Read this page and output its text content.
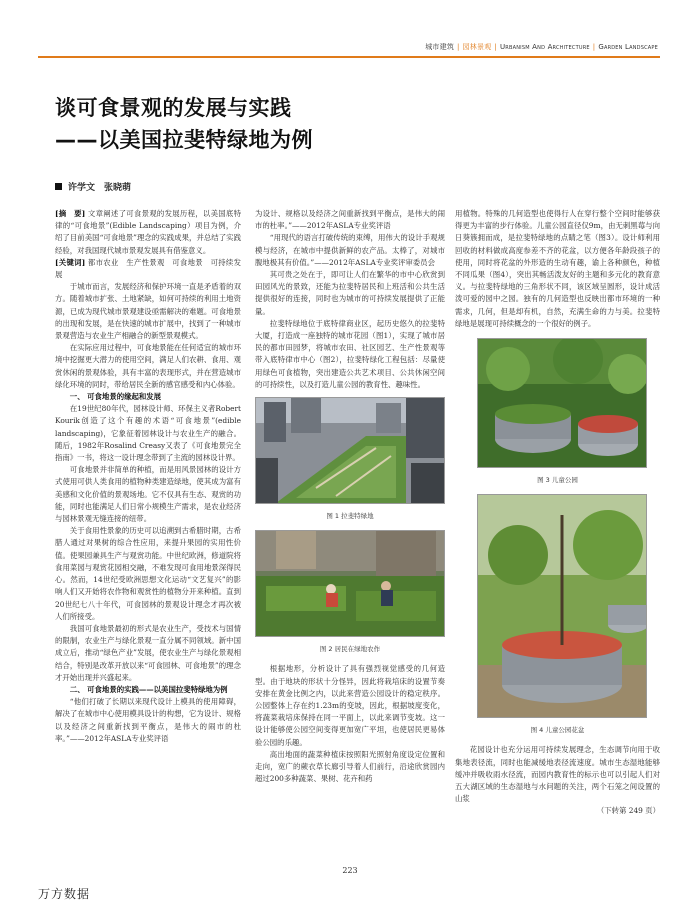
城市建筑 | 园林景观 | Urbanism And Architecture | Garden Landscape
谈可食景观的发展与实践
——以美国拉斐特绿地为例
许学文　张晓萌

[摘　要] 文章阐述了可食景观的发展历程，以美国底特律的“可食地景”(Edible Landscaping）项目为例，介绍了目前美国“可食地景”理念的实践成果，并总结了实践经验，对我国现代城市景观发展具有借鉴意义。

[关键词] 都市农业　生产性景观　可食地景　可持续发展

于城市而言，发展经济和保护环境一直是矛盾着的双方。随着城市扩张、土地紧缺，如何可持续的利用土地资源，已成为现代城市景观建设亟需解决的难题。可食地景的出现和发展，是在快速的城市扩展中，找到了一种城市景观营造与农业生产相融合的新型景观模式。

在实际应用过程中，可食地景能在任何适宜的城市环境中挖掘更大潜力的使用空间，满足人们农耕、食用、观赏休闲的景观体验，具有丰富的表现形式，并在营造城市绿化环境的同时，带给居民全新的感官感受和内心体验。

一、 可食地景的缘起和发展

在19世纪80年代，园林设计师、环保主义者Robert Kourik创造了这个有趣的术语“可食地景”(edible landscaping)，它象征着园林设计与农业生产的融合。随后，1982年Rosalind Creasy又表了《可食地景完全指南》一书，将这一设计理念带到了主流的园林设计界。

可食地景并非简单的种植，而是用风景园林的设计方式使用可供人类食用的植物种类建造绿地，使其成为富有美感和文化价值的景观场地。它不仅具有生态、观赏的功能，同时也能满足人们日常小规模生产需求，是农业经济与园林景观无缝连接的纽带。

关于食用性景象的历史可以追溯到古希腊时期，古希腊人通过对果树的综合性应用，来提升果园的实用性价值。使果园兼具生产与观赏功能。中世纪欧洲，修道院将食用菜园与观赏花园相交融，不难发现可食用地景深得民心。然而，14世纪受欧洲思想文化运动“文艺复兴”的影响人们又开始将农作物和观赏性的植物分开来种植。直到20世纪七八十年代，可食园林的景观设计理念才再次被人们所接受。

我国可食地景最初的形式是农业生产，受技术与国情的限制，农业生产与绿化景观一直分属不同领域。新中国成立后，推动“绿色产业”发展，使农业生产与绿化景观相结合，特别是改革开放以来“可食园林、可食地景”的理念才开始出现并兴盛起来。

二、 可食地景的实践——以美国拉斐特绿地为例

“他们打破了长期以来现代设计上模具的使用障碍，解决了在城市中心使用模具设计的构想，它为设计、规格以及经济之间重新找到平衡点，是伟大的闹市的杜率。”——2012年ASLA专业奖评语

为设计、规格以及经济之间重新找到平衡点，是伟大的闹市的杜率。”——2012年ASLA专业奖评语

“用现代的语言打破传统的束缚，用伟大的设计手观规模与经济，在城市中提供新鲜的农产品。太棒了，对城市腹地极其有价值。”——2012年ASLA专业奖评审委员会

其可贵之处在于，即可让人们在繁华的市中心欣赏到田园风光的景致，还能为拉斐特居民和上班活和公共生活提供很好的连接，同时也为城市的可持续发展提供了正能量。

拉斐特绿地位于底特律商业区，起历史悠久的拉斐特大厦，打造成一座独特的城市花园（图1），实现了城市居民的都市田园梦，将城市农田、社区园艺、生产性景观等带入底特律市中心（图2），拉斐特绿化工程包括：尽量使用绿色可食植物，突出建造公共艺术项目、公共休闲空间的可持续性，以及打造儿童公园的教育性、趣味性。

图 1 拉斐特绿地
图 2 居民在绿地农作

根据地形，分析设计了具有强烈视觉感受的几何造型。由于地块的形状十分怪异，因此将栽培床的设置节奏安排在黄金比例之内，以此来营造公园设计的稳定秩序。公园整体上存在约1.23m的变坡，因此，根据坡度变化，将蔬菜栽培床保持在同一平面上，以此来调节变坡。这一设计能够使公园空间变得更加宽广平坦，也使居民更易体验公园的乐趣。

高出地面的蔬菜种植床按照阳光照射角度设定位置和走向，宽广的蕨衣草长廊引导着人们前行，沿途欣赏园内超过200多种蔬菜、果树、花卉和药

用植物。特殊的几何造型也使得行人在穿行整个空间时能够获得更为丰富的步行体验。儿童公园直径仅9m，由无刺黑莓与向日葵簇拥而成，是拉斐特绿地的点睛之笔（图3）。设计师利用回收的材料做成高度参差不齐的花盆，以方便各年龄段孩子的使用，同时将花盆的外形造的生动有趣，谕上各种颜色，种植不同瓜果（图4），突出其畅活泼友好的主题和多元化的教育意义。与拉斐特绿地的三角形状不同，该区域呈圆形，设计成活泼可爱的园中之园。独有的几何造型也反映出都市环境的一种需求，几何，但是却有机，自然，充满生命的力与美。拉斐特绿地是展现可持续概念的一个很好的例子。

图 3 儿童公园
图 4 儿童公园花盆

花园设计也充分运用可持续发展理念，生态调节向用于收集地表径流，同时也能减缓地表径流速度。城市生态湿地能够缓冲并吸收雨水径流，而园内教育性的标示也可以引起人们对五大湖区域的生态湿地与水问题的关注，两个石笼之间设置的山浆

（下转第 249 页）

223
万方数据
